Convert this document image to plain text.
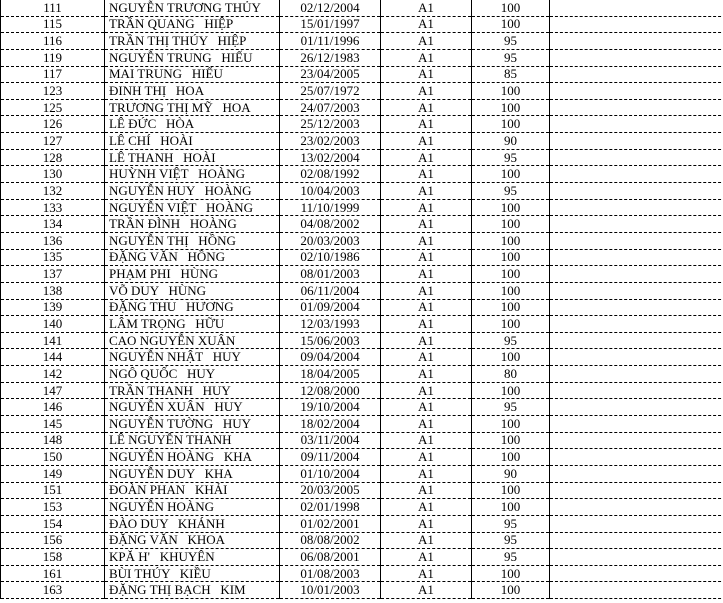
111	NGUYỄN TRƯƠNG THỦY	02/12/2004	A1	100	
115	TRẦN QUANG   HIỆP	15/01/1997	A1	100	
116	TRẦN THỊ THÚY   HIỆP	01/11/1996	A1	95	
119	NGUYỄN TRUNG   HIẾU	26/12/1983	A1	95	
117	MAI TRUNG   HIẾU	23/04/2005	A1	85	
123	ĐINH THỊ   HOA	25/07/1972	A1	100	
125	TRƯƠNG THỊ MỸ   HOA	24/07/2003	A1	100	
126	LÊ ĐỨC   HÒA	25/12/2003	A1	100	
127	LÊ CHÍ   HOÀI	23/02/2003	A1	90	
128	LÊ THANH   HOÀI	13/02/2004	A1	95	
130	HUỲNH VIỆT   HOÀNG	02/08/1992	A1	100	
132	NGUYỄN HUY   HOÀNG	10/04/2003	A1	95	
133	NGUYỄN VIỆT   HOÀNG	11/10/1999	A1	100	
134	TRẦN ĐÌNH   HOÀNG	04/08/2002	A1	100	
136	NGUYỄN THỊ   HỒNG	20/03/2003	A1	100	
135	ĐẶNG VĂN   HỒNG	02/10/1986	A1	100	
137	PHẠM PHI   HÙNG	08/01/2003	A1	100	
138	VÕ DUY   HÙNG	06/11/2004	A1	100	
139	ĐẶNG THU   HƯƠNG	01/09/2004	A1	100	
140	LÂM TRỌNG   HỮU	12/03/1993	A1	100	
141	CAO NGUYỄN XUÂN	15/06/2003	A1	95	
144	NGUYỄN NHẬT   HUY	09/04/2004	A1	100	
142	NGÔ QUỐC   HUY	18/04/2005	A1	80	
147	TRẦN THANH   HUY	12/08/2000	A1	100	
146	NGUYỄN XUÂN   HUY	19/10/2004	A1	95	
145	NGUYỄN TƯỜNG   HUY	18/02/2004	A1	100	
148	LÊ NGUYỄN THANH	03/11/2004	A1	100	
150	NGUYỄN HOÀNG   KHA	09/11/2004	A1	100	
149	NGUYỄN DUY   KHA	01/10/2004	A1	90	
151	ĐOÀN PHAN   KHẢI	20/03/2005	A1	100	
153	NGUYỄN HOÀNG	02/01/1998	A1	100	
154	ĐÀO DUY   KHÁNH	01/02/2001	A1	95	
156	ĐẶNG VĂN   KHOA	08/08/2002	A1	95	
158	KPĂ H'   KHUYÊN	06/08/2001	A1	95	
161	BÙI THÚY   KIỀU	01/08/2003	A1	100	
163	ĐẶNG THỊ BẠCH   KIM	10/01/2003	A1	100	
